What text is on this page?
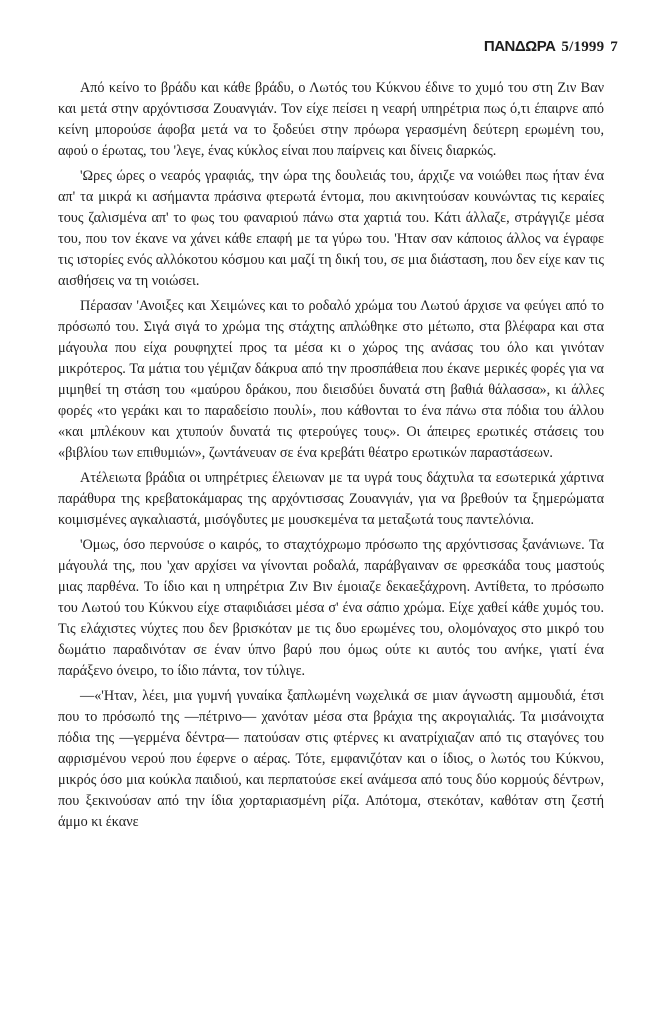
ΠΑΝΔΩΡΑ 5/1999 7

Από κείνο το βράδυ και κάθε βράδυ, ο Λωτός του Κύκνου έδινε το χυμό του στη Ζιν Βαν και μετά στην αρχόντισσα Ζουανγιάν. Τον είχε πείσει η νεαρή υπηρέτρια πως ό,τι έπαιρνε από κείνη μπορούσε άφοβα μετά να το ξοδεύει στην πρόωρα γερασμένη δεύτερη ερωμένη του, αφού ο έρωτας, του 'λεγε, ένας κύκλος είναι που παίρνεις και δίνεις διαρκώς.

'Ωρες ώρες ο νεαρός γραφιάς, την ώρα της δουλειάς του, άρχιζε να νοιώθει πως ήταν ένα απ' τα μικρά κι ασήμαντα πράσινα φτερωτά έντομα, που ακινητούσαν κουνώντας τις κεραίες τους ζαλισμένα απ' το φως του φαναριού πάνω στα χαρτιά του. Κάτι άλλαζε, στράγγιζε μέσα του, που τον έκανε να χάνει κάθε επαφή με τα γύρω του. 'Ηταν σαν κάποιος άλλος να έγραφε τις ιστορίες ενός αλλόκοτου κόσμου και μαζί τη δική του, σε μια διάσταση, που δεν είχε καν τις αισθήσεις να τη νοιώσει.

Πέρασαν 'Ανοιξες και Χειμώνες και το ροδαλό χρώμα του Λωτού άρχισε να φεύγει από το πρόσωπό του. Σιγά σιγά το χρώμα της στάχτης απλώθηκε στο μέτωπο, στα βλέφαρα και στα μάγουλα που είχα ρουφηχτεί προς τα μέσα κι ο χώρος της ανάσας του όλο και γινόταν μικρότερος. Τα μάτια του γέμιζαν δάκρυα από την προσπάθεια που έκανε μερικές φορές για να μιμηθεί τη στάση του «μαύρου δράκου, που διεισδύει δυνατά στη βαθιά θάλασσα», κι άλλες φορές «το γεράκι και το παραδείσιο πουλί», που κάθονται το ένα πάνω στα πόδια του άλλου «και μπλέκουν και χτυπούν δυνατά τις φτερούγες τους». Οι άπειρες ερωτικές στάσεις του «βιβλίου των επιθυμιών», ζωντάνευαν σε ένα κρεβάτι θέατρο ερωτικών παραστάσεων.

Ατέλειωτα βράδια οι υπηρέτριες έλειωναν με τα υγρά τους δάχτυλα τα εσωτερικά χάρτινα παράθυρα της κρεβατοκάμαρας της αρχόντισσας Ζουανγιάν, για να βρεθούν τα ξημερώματα κοιμισμένες αγκαλιαστά, μισόγδυτες με μουσκεμένα τα μεταξωτά τους παντελόνια.

'Ομως, όσο περνούσε ο καιρός, το σταχτόχρωμο πρόσωπο της αρχόντισσας ξανάνιωνε. Τα μάγουλά της, που 'χαν αρχίσει να γίνονται ροδαλά, παράβγαιναν σε φρεσκάδα τους μαστούς μιας παρθένα. Το ίδιο και η υπηρέτρια Ζιν Βιν έμοιαζε δεκαεξάχρονη. Αντίθετα, το πρόσωπο του Λωτού του Κύκνου είχε σταφιδιάσει μέσα σ' ένα σάπιο χρώμα. Είχε χαθεί κάθε χυμός του. Τις ελάχιστες νύχτες που δεν βρισκόταν με τις δυο ερωμένες του, ολομόναχος στο μικρό του δωμάτιο παραδινόταν σε έναν ύπνο βαρύ που όμως ούτε κι αυτός του ανήκε, γιατί ένα παράξενο όνειρο, το ίδιο πάντα, τον τύλιγε.

—«'Ηταν, λέει, μια γυμνή γυναίκα ξαπλωμένη νωχελικά σε μιαν άγνωστη αμμουδιά, έτσι που το πρόσωπό της —πέτρινο— χανόταν μέσα στα βράχια της ακρογιαλιάς. Τα μισάνοιχτα πόδια της —γερμένα δέντρα— πατούσαν στις φτέρνες κι ανατρίχιαζαν από τις σταγόνες του αφρισμένου νερού που έφερνε ο αέρας. Τότε, εμφανιζόταν και ο ίδιος, ο λωτός του Κύκνου, μικρός όσο μια κούκλα παιδιού, και περπατούσε εκεί ανάμεσα από τους δύο κορμούς δέντρων, που ξεκινούσαν από την ίδια χορταριασμένη ρίζα. Απότομα, στεκόταν, καθόταν στη ζεστή άμμο κι έκανε
